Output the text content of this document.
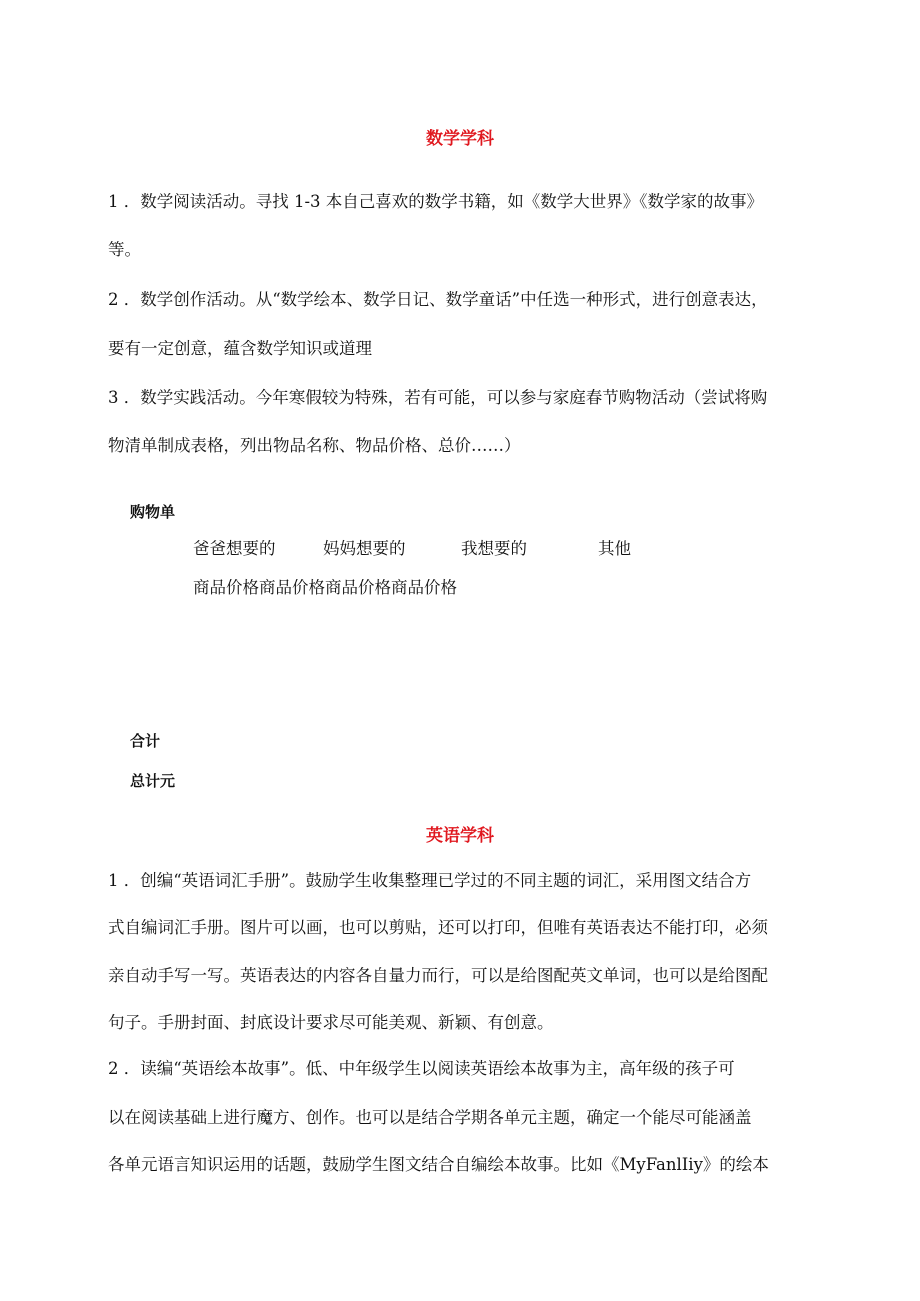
数学学科
1 ．数学阅读活动。寻找 1-3 本自己喜欢的数学书籍，如《数学大世界》《数学家的故事》
等。
2 ．数学创作活动。从“数学绘本、数学日记、数学童话”中任选一种形式，进行创意表达，
要有一定创意，蕴含数学知识或道理
3 ．数学实践活动。今年寒假较为特殊，若有可能，可以参与家庭春节购物活动（尝试将购
物清单制成表格，列出物品名称、物品价格、总价……）
购物单
爸爸想要的	妈妈想要的	我想要的	其他
商品价格商品价格商品价格商品价格
合计
总计元
英语学科
1 ．创编“英语词汇手册”。鼓励学生收集整理已学过的不同主题的词汇，采用图文结合方
式自编词汇手册。图片可以画，也可以剪贴，还可以打印，但唯有英语表达不能打印，必须
亲自动手写一写。英语表达的内容各自量力而行，可以是给图配英文单词，也可以是给图配
句子。手册封面、封底设计要求尽可能美观、新颖、有创意。
2 ．读编“英语绘本故事”。低、中年级学生以阅读英语绘本故事为主，高年级的孩子可
以在阅读基础上进行魔方、创作。也可以是结合学期各单元主题，确定一个能尽可能涵盖
各单元语言知识运用的话题，鼓励学生图文结合自编绘本故事。比如《MyFanlIiy》的绘本
